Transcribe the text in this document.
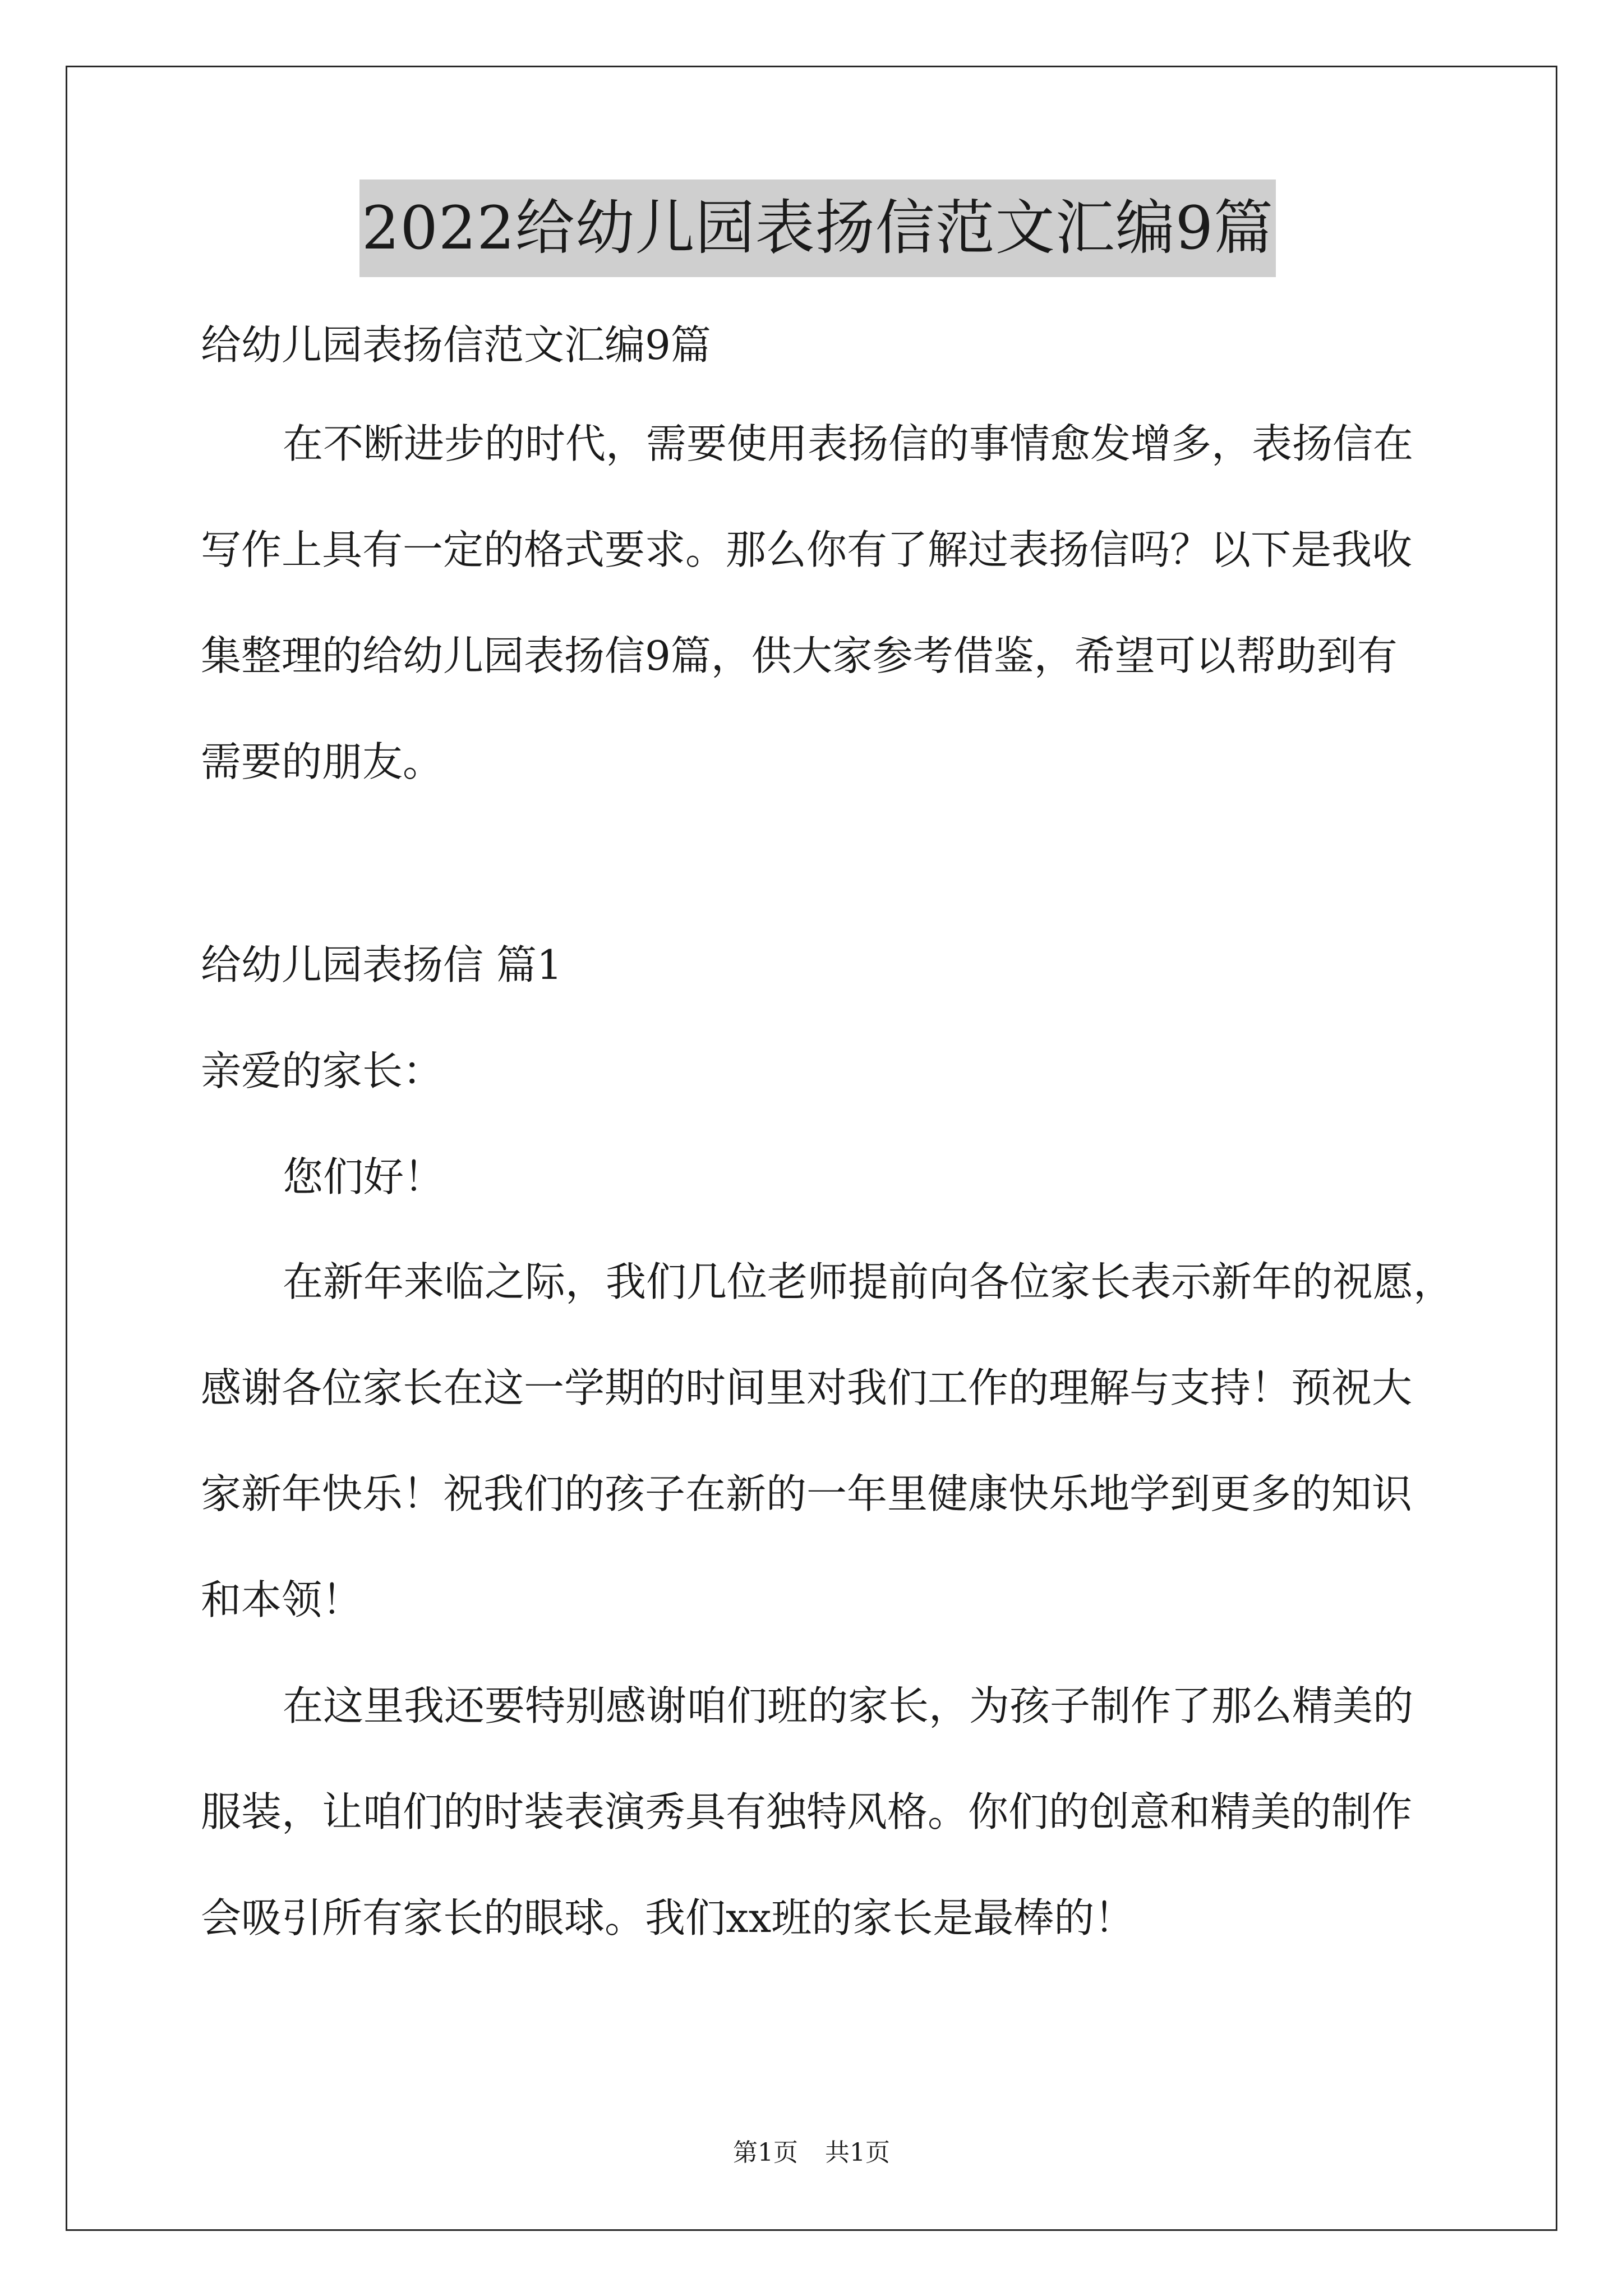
2022给幼儿园表扬信范文汇编9篇
给幼儿园表扬信范文汇编9篇
在不断进步的时代，需要使用表扬信的事情愈发增多，表扬信在
写作上具有一定的格式要求。那么你有了解过表扬信吗？以下是我收
集整理的给幼儿园表扬信9篇，供大家参考借鉴，希望可以帮助到有
需要的朋友。
给幼儿园表扬信 篇1
亲爱的家长：
您们好！
在新年来临之际，我们几位老师提前向各位家长表示新年的祝愿，
感谢各位家长在这一学期的时间里对我们工作的理解与支持！预祝大
家新年快乐！祝我们的孩子在新的一年里健康快乐地学到更多的知识
和本领！
在这里我还要特别感谢咱们班的家长，为孩子制作了那么精美的
服装，让咱们的时装表演秀具有独特风格。你们的创意和精美的制作
会吸引所有家长的眼球。我们xx班的家长是最棒的！
第1页 共1页
